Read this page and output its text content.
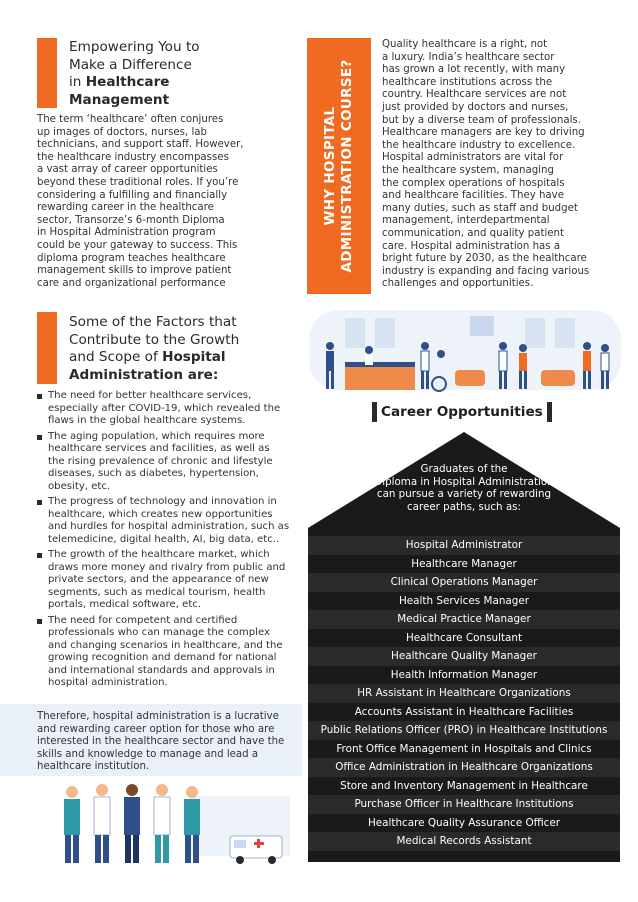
Empowering You to
Make a Difference
in Healthcare
Management
The term ‘healthcare’ often conjures
up images of doctors, nurses, lab
technicians, and support staff. However,
the healthcare industry encompasses
a vast array of career opportunities
beyond these traditional roles. If you’re
considering a fulfilling and financially
rewarding career in the healthcare
sector, Transorze’s 6-month Diploma
in Hospital Administration program
could be your gateway to success. This
diploma program teaches healthcare
management skills to improve patient
care and organizational performance
WHY HOSPITAL ADMINISTRATION COURSE?
Quality healthcare is a right, not
a luxury. India’s healthcare sector
has grown a lot recently, with many
healthcare institutions across the
country. Healthcare services are not
just provided by doctors and nurses,
but by a diverse team of professionals.
Healthcare managers are key to driving
the healthcare industry to excellence.
Hospital administrators are vital for
the healthcare system, managing
the complex operations of hospitals
and healthcare facilities. They have
many duties, such as staff and budget
management, interdepartmental
communication, and quality patient
care. Hospital administration has a
bright future by 2030, as the healthcare
industry is expanding and facing various
challenges and opportunities.
Some of the Factors that
Contribute to the Growth
and Scope of Hospital
Administration are:
The need for better healthcare services,
especially after COVID-19, which revealed the
flaws in the global healthcare systems.
The aging population, which requires more
healthcare services and facilities, as well as
the rising prevalence of chronic and lifestyle
diseases, such as diabetes, hypertension,
obesity, etc.
The progress of technology and innovation in
healthcare, which creates new opportunities
and hurdles for hospital administration, such as
telemedicine, digital health, AI, big data, etc..
The growth of the healthcare market, which
draws more money and rivalry from public and
private sectors, and the appearance of new
segments, such as medical tourism, health
portals, medical software, etc.
The need for competent and certified
professionals who can manage the complex
and changing scenarios in healthcare, and the
growing recognition and demand for national
and international standards and approvals in
hospital administration.
Therefore, hospital administration is a lucrative
and rewarding career option for those who are
interested in the healthcare sector and have the
skills and knowledge to manage and lead a
healthcare institution.
Career Opportunities
Graduates of the
Diploma in Hospital Administration
can pursue a variety of rewarding
career paths, such as:
Hospital Administrator
Healthcare Manager
Clinical Operations Manager
Health Services Manager
Medical Practice Manager
Healthcare Consultant
Healthcare Quality Manager
Health Information Manager
HR Assistant in Healthcare Organizations
Accounts Assistant in Healthcare Facilities
Public Relations Officer (PRO) in Healthcare Institutions
Front Office Management in Hospitals and Clinics
Office Administration in Healthcare Organizations
Store and Inventory Management in Healthcare
Purchase Officer in Healthcare Institutions
Healthcare Quality Assurance Officer
Medical Records Assistant
